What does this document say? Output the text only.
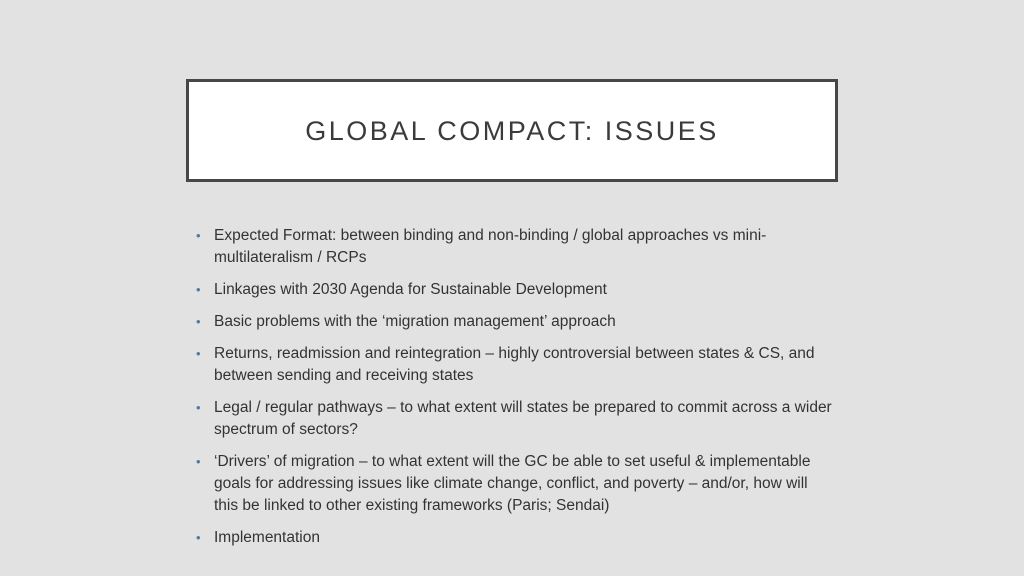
GLOBAL COMPACT: ISSUES
• Expected Format: between binding and non-binding / global approaches vs mini-multilateralism / RCPs
• Linkages with 2030 Agenda for Sustainable Development
• Basic problems with the ‘migration management’ approach
• Returns, readmission and reintegration – highly controversial between states & CS, and between sending and receiving states
• Legal / regular pathways – to what extent will states be prepared to commit across a wider spectrum of sectors?
• ‘Drivers’ of migration – to what extent will the GC be able to set useful & implementable goals for addressing issues like climate change, conflict, and poverty – and/or, how will this be linked to other existing frameworks (Paris; Sendai)
• Implementation
